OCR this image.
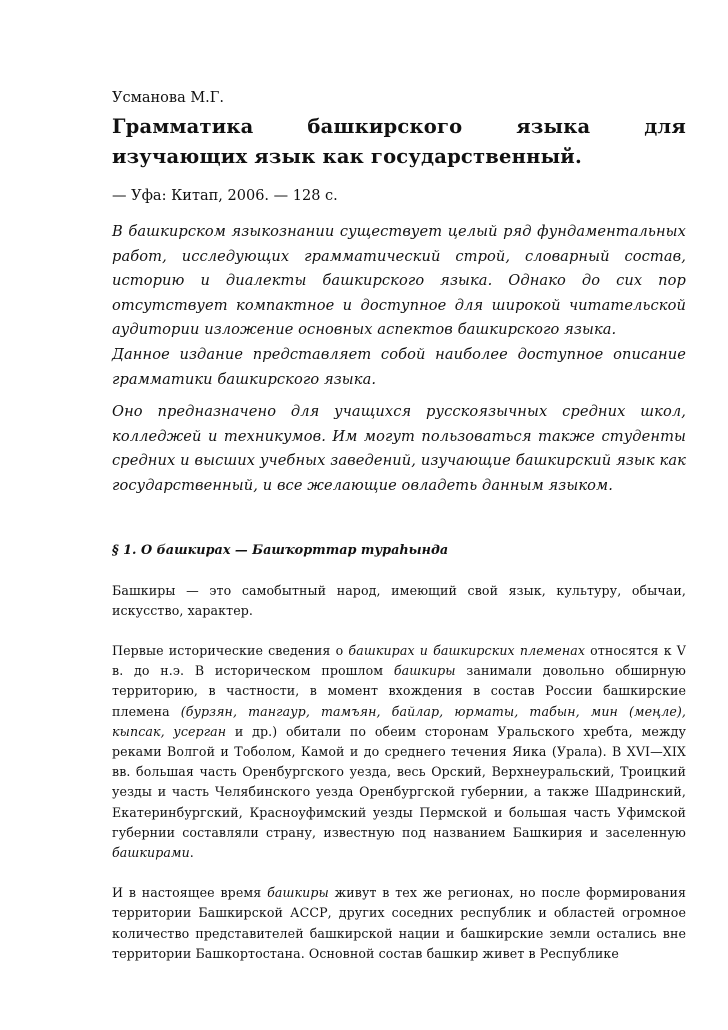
Усманова М.Г.

Грамматика башкирского языка для изучающих язык как государственный.

— Уфа: Китап, 2006. — 128 с.

В башкирском языкознании существует целый ряд фундаментальных работ, исследующих грамматический строй, словарный состав, историю и диалекты башкирского языка. Однако до сих пор отсутствует компактное и доступное для широкой читательской аудитории изложение основных аспектов башкирского языка.

Данное издание представляет собой наиболее доступное описание грамматики башкирского языка.

Оно предназначено для учащихся русскоязычных средних школ, колледжей и техникумов. Им могут пользоваться также студенты средних и высших учебных заведений, изучающие башкирский язык как государственный, и все желающие овладеть данным языком.

§ 1. О башкирах — Башҡорттар тураһында

Башкиры — это самобытный народ, имеющий свой язык, культуру, обычаи, искусство, характер.

Первые исторические сведения о башкирах и башкирских племенах относятся к V в. до н.э. В историческом прошлом башкиры занимали довольно обширную территорию, в частности, в момент вхождения в состав России башкирские племена (бурзян, тангаур, тамъян, байлар, юрматы, табын, мин (меңле), кыпсак, усерган и др.) обитали по обеим сторонам Уральского хребта, между реками Волгой и Тоболом, Камой и до среднего течения Яика (Урала). В XVI—XIX вв. большая часть Оренбургского уезда, весь Орский, Верхнеуральский, Троицкий уезды и часть Челябинского уезда Оренбургской губернии, а также Шадринский, Екатеринбургский, Красноуфимский уезды Пермской и большая часть Уфимской губернии составляли страну, известную под названием Башкирия и заселенную башкирами.

И в настоящее время башкиры живут в тех же регионах, но после формирования территории Башкирской АССР, других соседних республик и областей огромное количество представителей башкирской нации и башкирские земли остались вне территории Башкортостана. Основной состав башкир живет в Республике
